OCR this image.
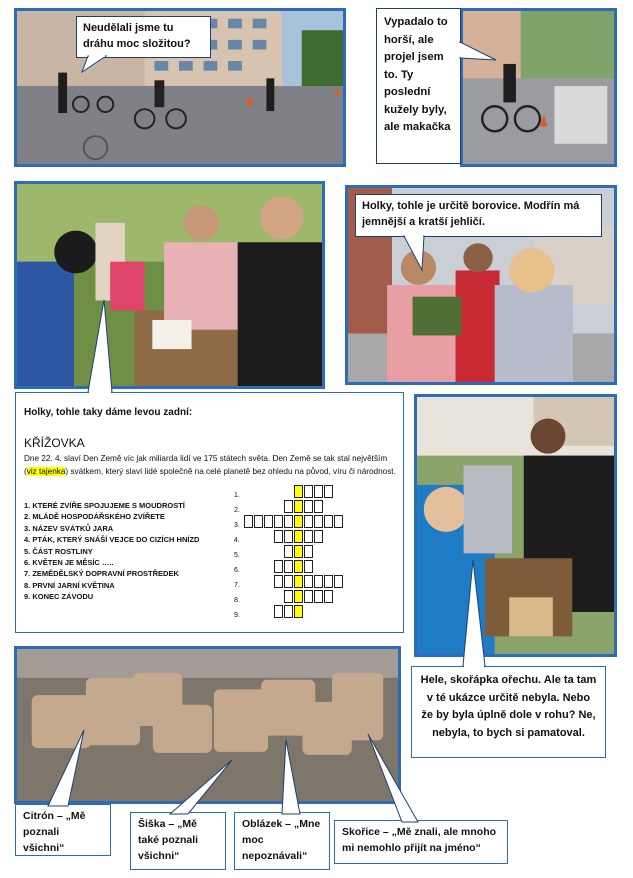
Neudělali jsme tu dráhu moc složitou?
Vypadalo to horší, ale projel jsem to. Ty poslední kužely byly, ale makačka
Holky, tohle je určitě borovice. Modřín má jemnější a kratší jehličí.
Holky, tohle taky dáme levou zadní:
KŘÍŽOVKA

Dne 22. 4. slaví Den Země víc jak miliarda lidí ve 175 státech světa. Den Země se tak stal největším (viz tajenka) svátkem, který slaví lidé společně na celé planetě bez ohledu na původ, víru či národnost.

1. KTERÉ ZVÍŘE SPOJUJEME S MOUDROSTÍ
2. MLÁDĚ HOSPODÁŘSKÉHO ZVÍŘETE
3. NÁZEV SVÁTKŮ JARA
4. PTÁK, KTERÝ SNÁŠÍ VEJCE DO CIZÍCH HNÍZD
5. ČÁST ROSTLINY
6. KVĚTEN JE MĚSÍC …..
7. ZEMĚDĚLSKÝ DOPRAVNÍ PROSTŘEDEK
8. PRVNÍ JARNÍ KVĚTINA
9. KONEC ZÁVODU
1.
2.
3.
4.
5.
6.
7.
8.
9.
Hele, skořápka ořechu. Ale ta tam v té ukázce určitě nebyla. Nebo že by byla úplně dole v rohu? Ne, nebyla, to bych si pamatoval.
Citrón – „Mě poznali všichni“
Šiška – „Mě také poznali všichni“
Oblázek – „Mne moc nepoznávali“
Skořice – „Mě znali, ale mnoho mi nemohlo přijít na jméno“
